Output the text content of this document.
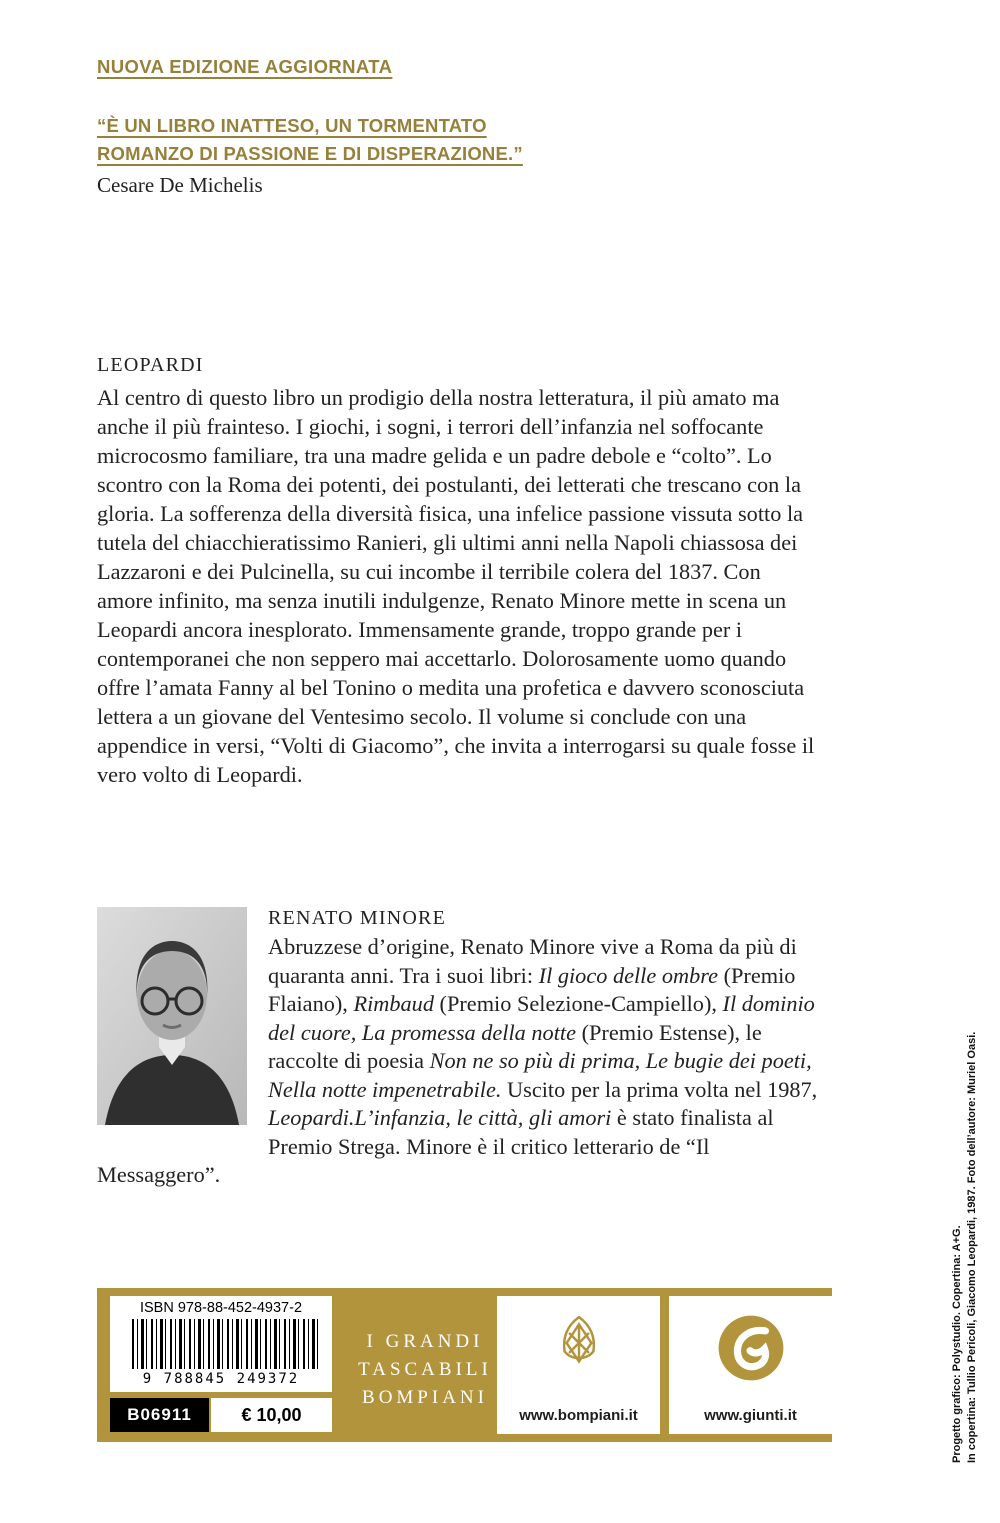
NUOVA EDIZIONE AGGIORNATA
“È UN LIBRO INATTESO, UN TORMENTATO
ROMANZO DI PASSIONE E DI DISPERAZIONE.”
Cesare De Michelis
LEOPARDI
Al centro di questo libro un prodigio della nostra letteratura, il più amato ma anche il più frainteso. I giochi, i sogni, i terrori dell’infanzia nel soffocante microcosmo familiare, tra una madre gelida e un padre debole e “colto”. Lo scontro con la Roma dei potenti, dei postulanti, dei letterati che trescano con la gloria. La sofferenza della diversità fisica, una infelice passione vissuta sotto la tutela del chiacchieratissimo Ranieri, gli ultimi anni nella Napoli chiassosa dei Lazzaroni e dei Pulcinella, su cui incombe il terribile colera del 1837. Con amore infinito, ma senza inutili indulgenze, Renato Minore mette in scena un Leopardi ancora inesplorato. Immensamente grande, troppo grande per i contemporanei che non seppero mai accettarlo. Dolorosamente uomo quando offre l’amata Fanny al bel Tonino o medita una profetica e davvero sconosciuta lettera a un giovane del Ventesimo secolo. Il volume si conclude con una appendice in versi, “Volti di Giacomo”, che invita a interrogarsi su quale fosse il vero volto di Leopardi.
RENATO MINORE

Abruzzese d’origine, Renato Minore vive a Roma da più di quaranta anni. Tra i suoi libri: Il gioco delle ombre (Premio Flaiano), Rimbaud (Premio Selezione-Campiello), Il dominio del cuore, La promessa della notte (Premio Estense), le raccolte di poesia Non ne so più di prima, Le bugie dei poeti, Nella notte impenetrabile. Uscito per la prima volta nel 1987, Leopardi.L’infanzia, le città, gli amori è stato finalista al Premio Strega. Minore è il critico letterario de “Il Messaggero”.

ISBN 978-88-452-4937-2
9 788845 249372
B06911	€ 10,00
I GRANDI
TASCABILI
BOMPIANI
www.bompiani.it	www.giunti.it	In copertina: Tullio Pericoli, Giacomo Leopardi, 1987. Foto dell’autore: Muriel Oasi.
Progetto grafico: Polystudio. Copertina: A+G.
